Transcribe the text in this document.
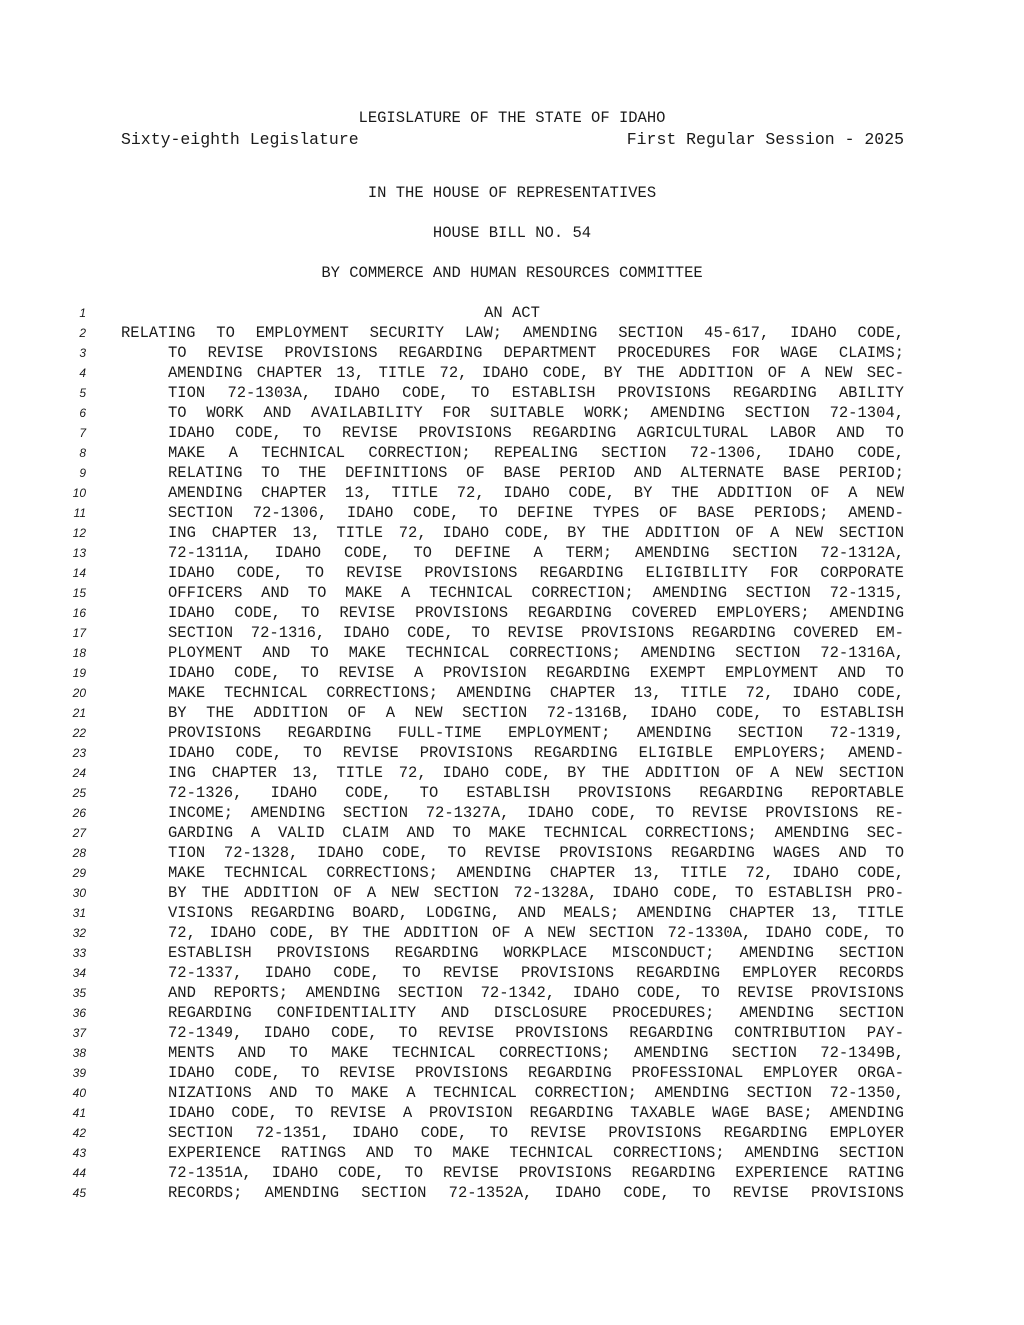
LEGISLATURE OF THE STATE OF IDAHO

Sixty-eighth Legislature

	First Regular Session - 2025

IN THE HOUSE OF REPRESENTATIVES
HOUSE BILL NO. 54
BY COMMERCE AND HUMAN RESOURCES COMMITTEE
1	AN ACT
2 RELATING TO EMPLOYMENT SECURITY LAW; AMENDING SECTION 45-617, IDAHO CODE,
3	TO REVISE PROVISIONS REGARDING DEPARTMENT PROCEDURES FOR WAGE CLAIMS;
4	AMENDING CHAPTER 13, TITLE 72, IDAHO CODE, BY THE ADDITION OF A NEW SEC-
5	TION 72-1303A, IDAHO CODE, TO ESTABLISH PROVISIONS REGARDING ABILITY
6	TO WORK AND AVAILABILITY FOR SUITABLE WORK; AMENDING SECTION 72-1304,
7	IDAHO CODE, TO REVISE PROVISIONS REGARDING AGRICULTURAL LABOR AND TO
8	MAKE A TECHNICAL CORRECTION; REPEALING SECTION 72-1306, IDAHO CODE,
9	RELATING TO THE DEFINITIONS OF BASE PERIOD AND ALTERNATE BASE PERIOD;
10	AMENDING CHAPTER 13, TITLE 72, IDAHO CODE, BY THE ADDITION OF A NEW
11	SECTION 72-1306, IDAHO CODE, TO DEFINE TYPES OF BASE PERIODS; AMEND-
12	ING CHAPTER 13, TITLE 72, IDAHO CODE, BY THE ADDITION OF A NEW SECTION
13	72-1311A, IDAHO CODE, TO DEFINE A TERM; AMENDING SECTION 72-1312A,
14	IDAHO CODE, TO REVISE PROVISIONS REGARDING ELIGIBILITY FOR CORPORATE
15	OFFICERS AND TO MAKE A TECHNICAL CORRECTION; AMENDING SECTION 72-1315,
16	IDAHO CODE, TO REVISE PROVISIONS REGARDING COVERED EMPLOYERS; AMENDING
17	SECTION 72-1316, IDAHO CODE, TO REVISE PROVISIONS REGARDING COVERED EM-
18	PLOYMENT AND TO MAKE TECHNICAL CORRECTIONS; AMENDING SECTION 72-1316A,
19	IDAHO CODE, TO REVISE A PROVISION REGARDING EXEMPT EMPLOYMENT AND TO
20	MAKE TECHNICAL CORRECTIONS; AMENDING CHAPTER 13, TITLE 72, IDAHO CODE,
21	BY THE ADDITION OF A NEW SECTION 72-1316B, IDAHO CODE, TO ESTABLISH
22	PROVISIONS REGARDING FULL-TIME EMPLOYMENT; AMENDING SECTION 72-1319,
23	IDAHO CODE, TO REVISE PROVISIONS REGARDING ELIGIBLE EMPLOYERS; AMEND-
24	ING CHAPTER 13, TITLE 72, IDAHO CODE, BY THE ADDITION OF A NEW SECTION
25	72-1326, IDAHO CODE, TO ESTABLISH PROVISIONS REGARDING REPORTABLE
26	INCOME; AMENDING SECTION 72-1327A, IDAHO CODE, TO REVISE PROVISIONS RE-
27	GARDING A VALID CLAIM AND TO MAKE TECHNICAL CORRECTIONS; AMENDING SEC-
28	TION 72-1328, IDAHO CODE, TO REVISE PROVISIONS REGARDING WAGES AND TO
29	MAKE TECHNICAL CORRECTIONS; AMENDING CHAPTER 13, TITLE 72, IDAHO CODE,
30	BY THE ADDITION OF A NEW SECTION 72-1328A, IDAHO CODE, TO ESTABLISH PRO-
31	VISIONS REGARDING BOARD, LODGING, AND MEALS; AMENDING CHAPTER 13, TITLE
32	72, IDAHO CODE, BY THE ADDITION OF A NEW SECTION 72-1330A, IDAHO CODE, TO
33	ESTABLISH PROVISIONS REGARDING WORKPLACE MISCONDUCT; AMENDING SECTION
34	72-1337, IDAHO CODE, TO REVISE PROVISIONS REGARDING EMPLOYER RECORDS
35	AND REPORTS; AMENDING SECTION 72-1342, IDAHO CODE, TO REVISE PROVISIONS
36	REGARDING CONFIDENTIALITY AND DISCLOSURE PROCEDURES; AMENDING SECTION
37	72-1349, IDAHO CODE, TO REVISE PROVISIONS REGARDING CONTRIBUTION PAY-
38	MENTS AND TO MAKE TECHNICAL CORRECTIONS; AMENDING SECTION 72-1349B,
39	IDAHO CODE, TO REVISE PROVISIONS REGARDING PROFESSIONAL EMPLOYER ORGA-
40	NIZATIONS AND TO MAKE A TECHNICAL CORRECTION; AMENDING SECTION 72-1350,
41	IDAHO CODE, TO REVISE A PROVISION REGARDING TAXABLE WAGE BASE; AMENDING
42	SECTION 72-1351, IDAHO CODE, TO REVISE PROVISIONS REGARDING EMPLOYER
43	EXPERIENCE RATINGS AND TO MAKE TECHNICAL CORRECTIONS; AMENDING SECTION
44	72-1351A, IDAHO CODE, TO REVISE PROVISIONS REGARDING EXPERIENCE RATING
45	RECORDS; AMENDING SECTION 72-1352A, IDAHO CODE, TO REVISE PROVISIONS
